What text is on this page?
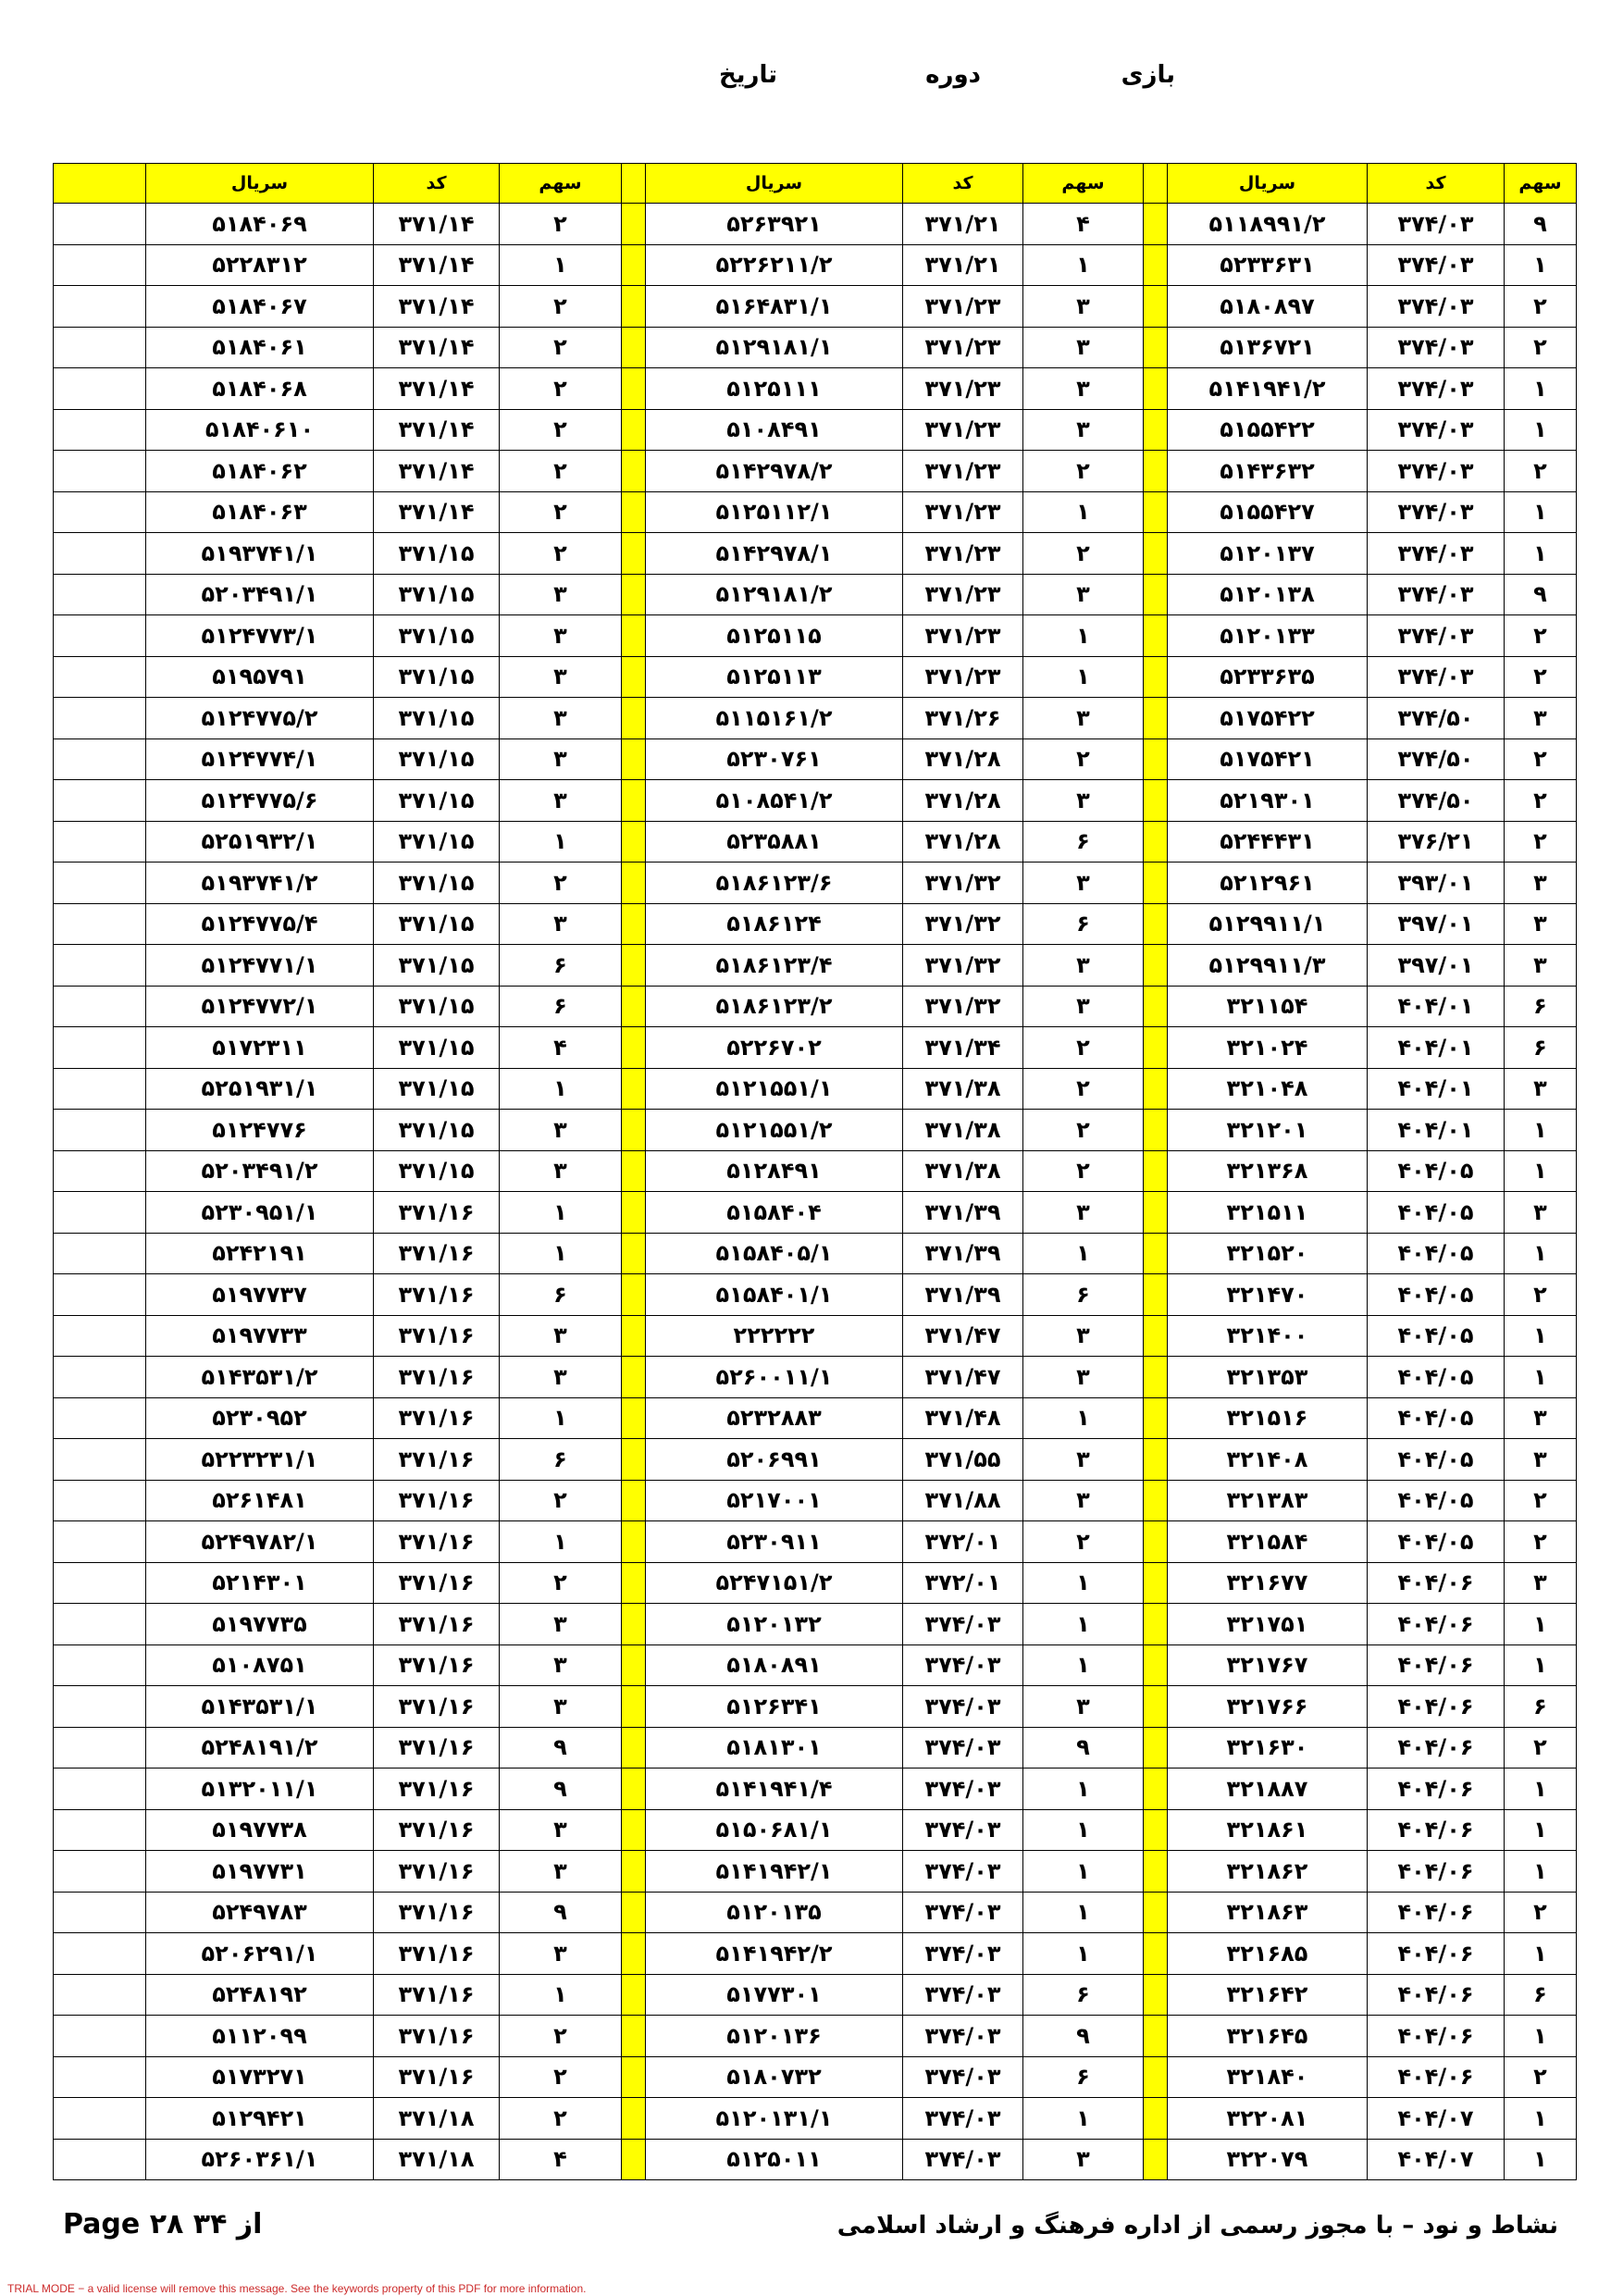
بازی
دوره
تاریخ
سهم	کد	سریال		سهم	کد	سریال		سهم	کد	سریال	
۹	۳۷۴/۰۳	۵۱۱۸۹۹۱/۲		۴	۳۷۱/۲۱	۵۲۶۳۹۲۱		۲	۳۷۱/۱۴	۵۱۸۴۰۶۹	
۱	۳۷۴/۰۳	۵۲۳۳۶۳۱		۱	۳۷۱/۲۱	۵۲۲۶۲۱۱/۲		۱	۳۷۱/۱۴	۵۲۲۸۳۱۲	
۲	۳۷۴/۰۳	۵۱۸۰۸۹۷		۳	۳۷۱/۲۳	۵۱۶۴۸۳۱/۱		۲	۳۷۱/۱۴	۵۱۸۴۰۶۷	
۲	۳۷۴/۰۳	۵۱۳۶۷۲۱		۳	۳۷۱/۲۳	۵۱۲۹۱۸۱/۱		۲	۳۷۱/۱۴	۵۱۸۴۰۶۱	
۱	۳۷۴/۰۳	۵۱۴۱۹۴۱/۲		۳	۳۷۱/۲۳	۵۱۲۵۱۱۱		۲	۳۷۱/۱۴	۵۱۸۴۰۶۸	
۱	۳۷۴/۰۳	۵۱۵۵۴۲۲		۳	۳۷۱/۲۳	۵۱۰۸۴۹۱		۲	۳۷۱/۱۴	۵۱۸۴۰۶۱۰	
۲	۳۷۴/۰۳	۵۱۴۳۶۳۲		۲	۳۷۱/۲۳	۵۱۴۲۹۷۸/۲		۲	۳۷۱/۱۴	۵۱۸۴۰۶۲	
۱	۳۷۴/۰۳	۵۱۵۵۴۲۷		۱	۳۷۱/۲۳	۵۱۲۵۱۱۲/۱		۲	۳۷۱/۱۴	۵۱۸۴۰۶۳	
۱	۳۷۴/۰۳	۵۱۲۰۱۳۷		۲	۳۷۱/۲۳	۵۱۴۲۹۷۸/۱		۲	۳۷۱/۱۵	۵۱۹۳۷۴۱/۱	
۹	۳۷۴/۰۳	۵۱۲۰۱۳۸		۳	۳۷۱/۲۳	۵۱۲۹۱۸۱/۲		۳	۳۷۱/۱۵	۵۲۰۳۴۹۱/۱	
۲	۳۷۴/۰۳	۵۱۲۰۱۳۳		۱	۳۷۱/۲۳	۵۱۲۵۱۱۵		۳	۳۷۱/۱۵	۵۱۲۴۷۷۳/۱	
۲	۳۷۴/۰۳	۵۲۳۳۶۳۵		۱	۳۷۱/۲۳	۵۱۲۵۱۱۳		۳	۳۷۱/۱۵	۵۱۹۵۷۹۱	
۳	۳۷۴/۵۰	۵۱۷۵۴۲۲		۳	۳۷۱/۲۶	۵۱۱۵۱۶۱/۲		۳	۳۷۱/۱۵	۵۱۲۴۷۷۵/۲	
۲	۳۷۴/۵۰	۵۱۷۵۴۲۱		۲	۳۷۱/۲۸	۵۲۳۰۷۶۱		۳	۳۷۱/۱۵	۵۱۲۴۷۷۴/۱	
۲	۳۷۴/۵۰	۵۲۱۹۳۰۱		۳	۳۷۱/۲۸	۵۱۰۸۵۴۱/۲		۳	۳۷۱/۱۵	۵۱۲۴۷۷۵/۶	
۲	۳۷۶/۲۱	۵۲۴۴۴۳۱		۶	۳۷۱/۲۸	۵۲۳۵۸۸۱		۱	۳۷۱/۱۵	۵۲۵۱۹۳۲/۱	
۳	۳۹۳/۰۱	۵۲۱۲۹۶۱		۳	۳۷۱/۳۲	۵۱۸۶۱۲۳/۶		۲	۳۷۱/۱۵	۵۱۹۳۷۴۱/۲	
۳	۳۹۷/۰۱	۵۱۲۹۹۱۱/۱		۶	۳۷۱/۳۲	۵۱۸۶۱۲۴		۳	۳۷۱/۱۵	۵۱۲۴۷۷۵/۴	
۳	۳۹۷/۰۱	۵۱۲۹۹۱۱/۳		۳	۳۷۱/۳۲	۵۱۸۶۱۲۳/۴		۶	۳۷۱/۱۵	۵۱۲۴۷۷۱/۱	
۶	۴۰۴/۰۱	۳۲۱۱۵۴		۳	۳۷۱/۳۲	۵۱۸۶۱۲۳/۲		۶	۳۷۱/۱۵	۵۱۲۴۷۷۲/۱	
۶	۴۰۴/۰۱	۳۲۱۰۲۴		۲	۳۷۱/۳۴	۵۲۲۶۷۰۲		۴	۳۷۱/۱۵	۵۱۷۲۳۱۱	
۳	۴۰۴/۰۱	۳۲۱۰۴۸		۲	۳۷۱/۳۸	۵۱۲۱۵۵۱/۱		۱	۳۷۱/۱۵	۵۲۵۱۹۳۱/۱	
۱	۴۰۴/۰۱	۳۲۱۲۰۱		۲	۳۷۱/۳۸	۵۱۲۱۵۵۱/۲		۳	۳۷۱/۱۵	۵۱۲۴۷۷۶	
۱	۴۰۴/۰۵	۳۲۱۳۶۸		۲	۳۷۱/۳۸	۵۱۲۸۴۹۱		۳	۳۷۱/۱۵	۵۲۰۳۴۹۱/۲	
۳	۴۰۴/۰۵	۳۲۱۵۱۱		۳	۳۷۱/۳۹	۵۱۵۸۴۰۴		۱	۳۷۱/۱۶	۵۲۳۰۹۵۱/۱	
۱	۴۰۴/۰۵	۳۲۱۵۲۰		۱	۳۷۱/۳۹	۵۱۵۸۴۰۵/۱		۱	۳۷۱/۱۶	۵۲۴۲۱۹۱	
۲	۴۰۴/۰۵	۳۲۱۴۷۰		۶	۳۷۱/۳۹	۵۱۵۸۴۰۱/۱		۶	۳۷۱/۱۶	۵۱۹۷۷۳۷	
۱	۴۰۴/۰۵	۳۲۱۴۰۰		۳	۳۷۱/۴۷	۲۲۲۲۲۲		۳	۳۷۱/۱۶	۵۱۹۷۷۳۳	
۱	۴۰۴/۰۵	۳۲۱۳۵۳		۳	۳۷۱/۴۷	۵۲۶۰۰۱۱/۱		۳	۳۷۱/۱۶	۵۱۴۳۵۳۱/۲	
۳	۴۰۴/۰۵	۳۲۱۵۱۶		۱	۳۷۱/۴۸	۵۲۳۲۸۸۳		۱	۳۷۱/۱۶	۵۲۳۰۹۵۲	
۳	۴۰۴/۰۵	۳۲۱۴۰۸		۳	۳۷۱/۵۵	۵۲۰۶۹۹۱		۶	۳۷۱/۱۶	۵۲۲۳۲۳۱/۱	
۲	۴۰۴/۰۵	۳۲۱۳۸۳		۳	۳۷۱/۸۸	۵۲۱۷۰۰۱		۲	۳۷۱/۱۶	۵۲۶۱۴۸۱	
۲	۴۰۴/۰۵	۳۲۱۵۸۴		۲	۳۷۲/۰۱	۵۲۳۰۹۱۱		۱	۳۷۱/۱۶	۵۲۴۹۷۸۲/۱	
۳	۴۰۴/۰۶	۳۲۱۶۷۷		۱	۳۷۲/۰۱	۵۲۴۷۱۵۱/۲		۲	۳۷۱/۱۶	۵۲۱۴۳۰۱	
۱	۴۰۴/۰۶	۳۲۱۷۵۱		۱	۳۷۴/۰۳	۵۱۲۰۱۳۲		۳	۳۷۱/۱۶	۵۱۹۷۷۳۵	
۱	۴۰۴/۰۶	۳۲۱۷۶۷		۱	۳۷۴/۰۳	۵۱۸۰۸۹۱		۳	۳۷۱/۱۶	۵۱۰۸۷۵۱	
۶	۴۰۴/۰۶	۳۲۱۷۶۶		۳	۳۷۴/۰۳	۵۱۲۶۳۴۱		۳	۳۷۱/۱۶	۵۱۴۳۵۳۱/۱	
۲	۴۰۴/۰۶	۳۲۱۶۳۰		۹	۳۷۴/۰۳	۵۱۸۱۳۰۱		۹	۳۷۱/۱۶	۵۲۴۸۱۹۱/۲	
۱	۴۰۴/۰۶	۳۲۱۸۸۷		۱	۳۷۴/۰۳	۵۱۴۱۹۴۱/۴		۹	۳۷۱/۱۶	۵۱۳۲۰۱۱/۱	
۱	۴۰۴/۰۶	۳۲۱۸۶۱		۱	۳۷۴/۰۳	۵۱۵۰۶۸۱/۱		۳	۳۷۱/۱۶	۵۱۹۷۷۳۸	
۱	۴۰۴/۰۶	۳۲۱۸۶۲		۱	۳۷۴/۰۳	۵۱۴۱۹۴۲/۱		۳	۳۷۱/۱۶	۵۱۹۷۷۳۱	
۲	۴۰۴/۰۶	۳۲۱۸۶۳		۱	۳۷۴/۰۳	۵۱۲۰۱۳۵		۹	۳۷۱/۱۶	۵۲۴۹۷۸۳	
۱	۴۰۴/۰۶	۳۲۱۶۸۵		۱	۳۷۴/۰۳	۵۱۴۱۹۴۲/۲		۳	۳۷۱/۱۶	۵۲۰۶۲۹۱/۱	
۶	۴۰۴/۰۶	۳۲۱۶۴۲		۶	۳۷۴/۰۳	۵۱۷۷۳۰۱		۱	۳۷۱/۱۶	۵۲۴۸۱۹۲	
۱	۴۰۴/۰۶	۳۲۱۶۴۵		۹	۳۷۴/۰۳	۵۱۲۰۱۳۶		۲	۳۷۱/۱۶	۵۱۱۲۰۹۹	
۲	۴۰۴/۰۶	۳۲۱۸۴۰		۶	۳۷۴/۰۳	۵۱۸۰۷۳۲		۲	۳۷۱/۱۶	۵۱۷۳۲۷۱	
۱	۴۰۴/۰۷	۳۲۲۰۸۱		۱	۳۷۴/۰۳	۵۱۲۰۱۳۱/۱		۲	۳۷۱/۱۸	۵۱۲۹۴۲۱	
۱	۴۰۴/۰۷	۳۲۲۰۷۹		۳	۳۷۴/۰۳	۵۱۲۵۰۱۱		۴	۳۷۱/۱۸	۵۲۶۰۳۶۱/۱	
Page ۲۸ ۳۴ از	نشاط و نود – با مجوز رسمی از اداره فرهنگ و ارشاد اسلامی
TRIAL MODE − a valid license will remove this message. See the keywords property of this PDF for more information.
